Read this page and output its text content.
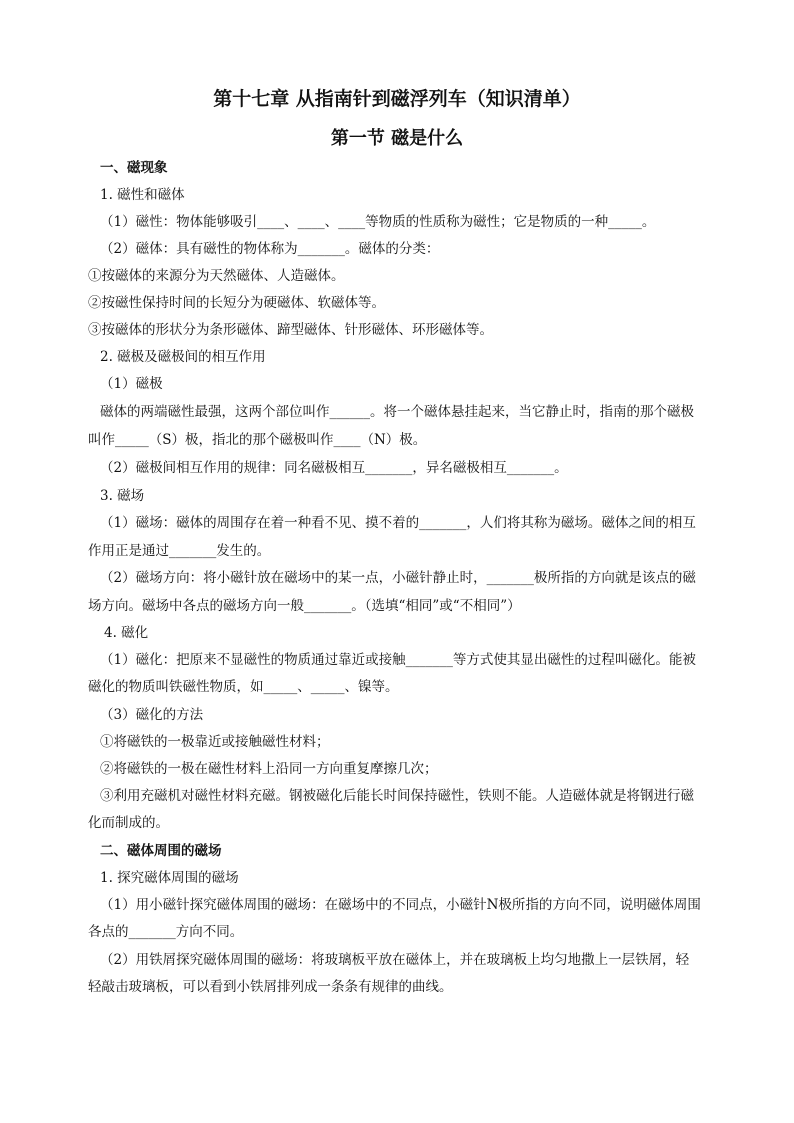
第十七章 从指南针到磁浮列车（知识清单）
第一节 磁是什么
一、磁现象
1. 磁性和磁体
（1）磁性：物体能够吸引____、____、____等物质的性质称为磁性；它是物质的一种_____。
（2）磁体：具有磁性的物体称为_______。磁体的分类：
①按磁体的来源分为天然磁体、人造磁体。
②按磁性保持时间的长短分为硬磁体、软磁体等。
③按磁体的形状分为条形磁体、蹄型磁体、针形磁体、环形磁体等。
2. 磁极及磁极间的相互作用
（1）磁极
磁体的两端磁性最强，这两个部位叫作______。将一个磁体悬挂起来，当它静止时，指南的那个磁极
叫作_____（S）极，指北的那个磁极叫作____（N）极。
（2）磁极间相互作用的规律：同名磁极相互_______，异名磁极相互_______。
3. 磁场
（1）磁场：磁体的周围存在着一种看不见、摸不着的_______，人们将其称为磁场。磁体之间的相互
作用正是通过_______发生的。
（2）磁场方向：将小磁针放在磁场中的某一点，小磁针静止时，_______极所指的方向就是该点的磁
场方向。磁场中各点的磁场方向一般_______。（选填“相同”或“不相同”）
4. 磁化
（1）磁化：把原来不显磁性的物质通过靠近或接触_______等方式使其显出磁性的过程叫磁化。能被
磁化的物质叫铁磁性物质，如_____、_____、镍等。
（3）磁化的方法
①将磁铁的一极靠近或接触磁性材料；
②将磁铁的一极在磁性材料上沿同一方向重复摩擦几次；
③利用充磁机对磁性材料充磁。钢被磁化后能长时间保持磁性，铁则不能。人造磁体就是将钢进行磁
化而制成的。
二、磁体周围的磁场
1. 探究磁体周围的磁场
（1）用小磁针探究磁体周围的磁场：在磁场中的不同点，小磁针N极所指的方向不同，说明磁体周围
各点的_______方向不同。
（2）用铁屑探究磁体周围的磁场：将玻璃板平放在磁体上，并在玻璃板上均匀地撒上一层铁屑，轻
轻敲击玻璃板，可以看到小铁屑排列成一条条有规律的曲线。
